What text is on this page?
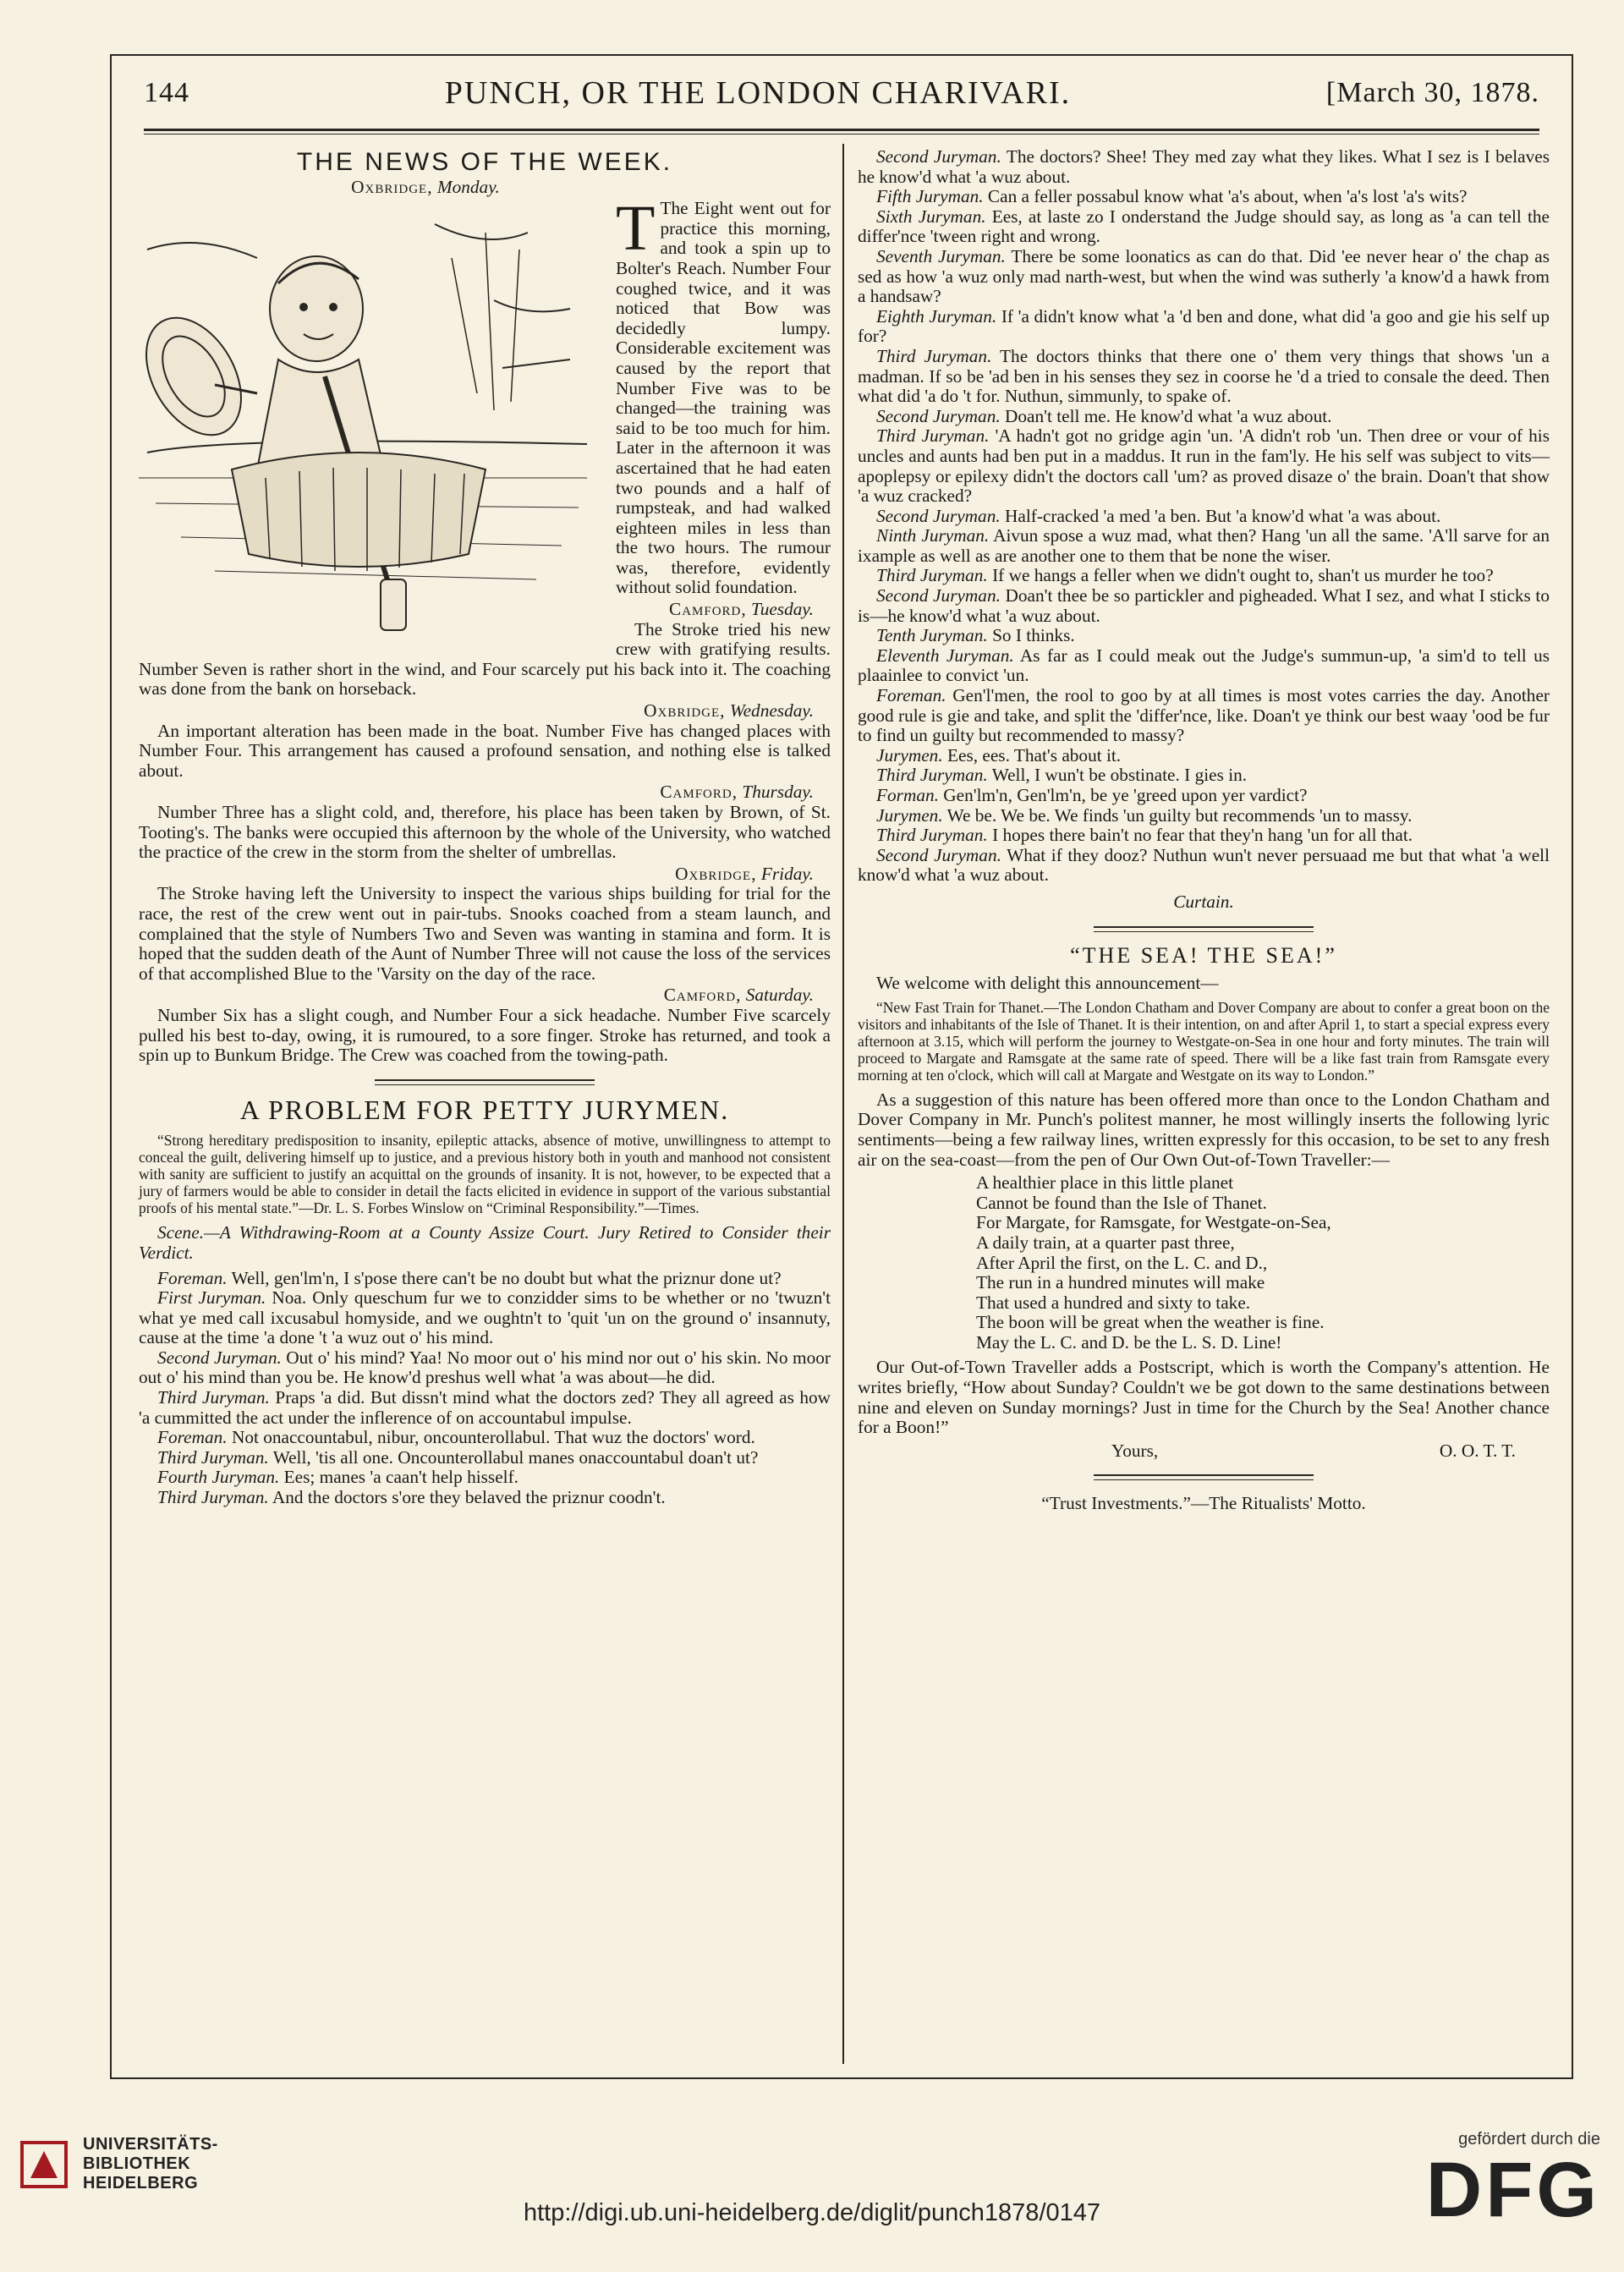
144	PUNCH, OR THE LONDON CHARIVARI.	[March 30, 1878.
THE NEWS OF THE WEEK.
Oxbridge, Monday.

T The Eight went out for practice this morning, and took a spin up to Bolter's Reach. Number Four coughed twice, and it was noticed that Bow was decidedly lumpy. Considerable excitement was caused by the report that Number Five was to be changed—the training was said to be too much for him. Later in the afternoon it was ascertained that he had eaten two pounds and a half of rumpsteak, and had walked eighteen miles in less than the two hours. The rumour was, therefore, evidently without solid foundation.

Camford, Tuesday.

The Stroke tried his new crew with gratifying results. Number Seven is rather short in the wind, and Four scarcely put his back into it. The coaching was done from the bank on horseback.

Oxbridge, Wednesday.

An important alteration has been made in the boat. Number Five has changed places with Number Four. This arrangement has caused a profound sensation, and nothing else is talked about.

Camford, Thursday.

Number Three has a slight cold, and, therefore, his place has been taken by Brown, of St. Tooting's. The banks were occupied this afternoon by the whole of the University, who watched the practice of the crew in the storm from the shelter of umbrellas.

Oxbridge, Friday.

The Stroke having left the University to inspect the various ships building for trial for the race, the rest of the crew went out in pair-tubs. Snooks coached from a steam launch, and complained that the style of Numbers Two and Seven was wanting in stamina and form. It is hoped that the sudden death of the Aunt of Number Three will not cause the loss of the services of that accomplished Blue to the 'Varsity on the day of the race.

Camford, Saturday.

Number Six has a slight cough, and Number Four a sick headache. Number Five scarcely pulled his best to-day, owing, it is rumoured, to a sore finger. Stroke has returned, and took a spin up to Bunkum Bridge. The Crew was coached from the towing-path.

A PROBLEM FOR PETTY JURYMEN.

“Strong hereditary predisposition to insanity, epileptic attacks, absence of motive, unwillingness to attempt to conceal the guilt, delivering himself up to justice, and a previous history both in youth and manhood not consistent with sanity are sufficient to justify an acquittal on the grounds of insanity. It is not, however, to be expected that a jury of farmers would be able to consider in detail the facts elicited in evidence in support of the various substantial proofs of his mental state.”—Dr. L. S. Forbes Winslow on “Criminal Responsibility.”—Times.

Scene.—A Withdrawing-Room at a County Assize Court. Jury Retired to Consider their Verdict.

Foreman. Well, gen'lm'n, I s'pose there can't be no doubt but what the priznur done ut?

First Juryman. Noa. Only queschum fur we to conzidder sims to be whether or no 'twuzn't what ye med call ixcusabul homyside, and we oughtn't to 'quit 'un on the ground o' insannuty, cause at the time 'a done 't 'a wuz out o' his mind.

Second Juryman. Out o' his mind? Yaa! No moor out o' his mind nor out o' his skin. No moor out o' his mind than you be. He know'd preshus well what 'a was about—he did.

Third Juryman. Praps 'a did. But dissn't mind what the doctors zed? They all agreed as how 'a cummitted the act under the inflerence of on accountabul impulse.

Foreman. Not onaccountabul, nibur, oncounterollabul. That wuz the doctors' word.

Third Juryman. Well, 'tis all one. Oncounterollabul manes onaccountabul doan't ut?

Fourth Juryman. Ees; manes 'a caan't help hisself.

Third Juryman. And the doctors s'ore they belaved the priznur coodn't.

Second Juryman. The doctors? Shee! They med zay what they likes. What I sez is I belaves he know'd what 'a wuz about.

Fifth Juryman. Can a feller possabul know what 'a's about, when 'a's lost 'a's wits?

Sixth Juryman. Ees, at laste zo I onderstand the Judge should say, as long as 'a can tell the differ'nce 'tween right and wrong.

Seventh Juryman. There be some loonatics as can do that. Did 'ee never hear o' the chap as sed as how 'a wuz only mad narth-west, but when the wind was sutherly 'a know'd a hawk from a handsaw?

Eighth Juryman. If 'a didn't know what 'a 'd ben and done, what did 'a goo and gie his self up for?

Third Juryman. The doctors thinks that there one o' them very things that shows 'un a madman. If so be 'ad ben in his senses they sez in coorse he 'd a tried to consale the deed. Then what did 'a do 't for. Nuthun, simmunly, to spake of.

Second Juryman. Doan't tell me. He know'd what 'a wuz about.

Third Juryman. 'A hadn't got no gridge agin 'un. 'A didn't rob 'un. Then dree or vour of his uncles and aunts had ben put in a maddus. It run in the fam'ly. He his self was subject to vits—apoplepsy or epilexy didn't the doctors call 'um? as proved disaze o' the brain. Doan't that show 'a wuz cracked?

Second Juryman. Half-cracked 'a med 'a ben. But 'a know'd what 'a was about.

Ninth Juryman. Aivun spose a wuz mad, what then? Hang 'un all the same. 'A'll sarve for an ixample as well as are another one to them that be none the wiser.

Third Juryman. If we hangs a feller when we didn't ought to, shan't us murder he too?

Second Juryman. Doan't thee be so partickler and pigheaded. What I sez, and what I sticks to is—he know'd what 'a wuz about.

Tenth Juryman. So I thinks.

Eleventh Juryman. As far as I could meak out the Judge's summun-up, 'a sim'd to tell us plaainlee to convict 'un.

Foreman. Gen'l'men, the rool to goo by at all times is most votes carries the day. Another good rule is gie and take, and split the 'differ'nce, like. Doan't ye think our best waay 'ood be fur to find un guilty but recommended to massy?

Jurymen. Ees, ees. That's about it.

Third Juryman. Well, I wun't be obstinate. I gies in.

Forman. Gen'lm'n, Gen'lm'n, be ye 'greed upon yer vardict?

Jurymen. We be. We be. We finds 'un guilty but recommends 'un to massy.

Third Juryman. I hopes there bain't no fear that they'n hang 'un for all that.

Second Juryman. What if they dooz? Nuthun wun't never persuaad me but that what 'a well know'd what 'a wuz about.

Curtain.
“THE SEA! THE SEA!”

We welcome with delight this announcement—

“New Fast Train for Thanet.—The London Chatham and Dover Company are about to confer a great boon on the visitors and inhabitants of the Isle of Thanet. It is their intention, on and after April 1, to start a special express every afternoon at 3.15, which will perform the journey to Westgate-on-Sea in one hour and forty minutes. The train will proceed to Margate and Ramsgate at the same rate of speed. There will be a like fast train from Ramsgate every morning at ten o'clock, which will call at Margate and Westgate on its way to London.”

As a suggestion of this nature has been offered more than once to the London Chatham and Dover Company in Mr. Punch's politest manner, he most willingly inserts the following lyric sentiments—being a few railway lines, written expressly for this occasion, to be set to any fresh air on the sea-coast—from the pen of Our Own Out-of-Town Traveller:—

A healthier place in this little planet
Cannot be found than the Isle of Thanet.
For Margate, for Ramsgate, for Westgate-on-Sea,
A daily train, at a quarter past three,
After April the first, on the L. C. and D.,
The run in a hundred minutes will make
That used a hundred and sixty to take.
The boon will be great when the weather is fine.
May the L. C. and D. be the L. S. D. Line!

Our Out-of-Town Traveller adds a Postscript, which is worth the Company's attention. He writes briefly, “How about Sunday? Couldn't we be got down to the same destinations between nine and eleven on Sunday mornings? Just in time for the Church by the Sea! Another chance for a Boon!”

Yours,	O. O. T. T.
“Trust Investments.”—The Ritualists' Motto.
UNIVERSITÄTS-
BIBLIOTHEK
HEIDELBERG
http://digi.ub.uni-heidelberg.de/diglit/punch1878/0147
gefördert durch die
DFG
